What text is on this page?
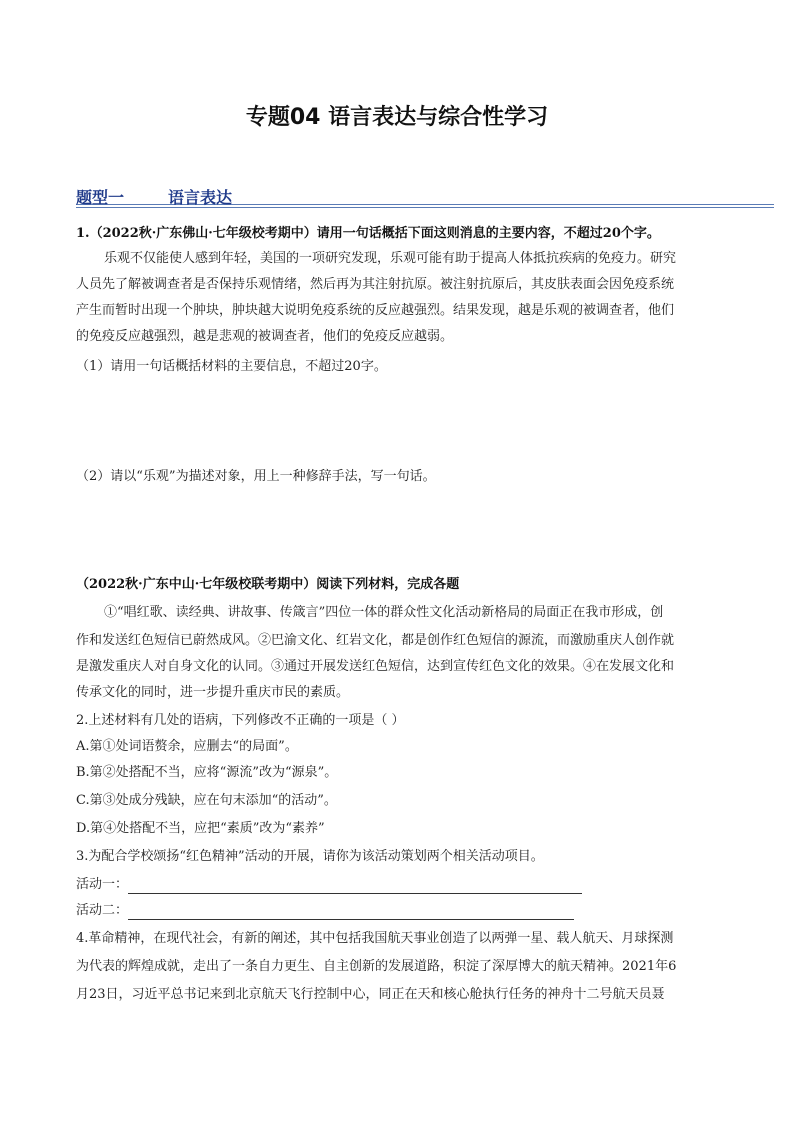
专题04 语言表达与综合性学习
题型一	语言表达
1.（2022秋·广东佛山·七年级校考期中）请用一句话概括下面这则消息的主要内容，不超过20个字。
乐观不仅能使人感到年轻，美国的一项研究发现，乐观可能有助于提高人体抵抗疾病的免疫力。研究
人员先了解被调查者是否保持乐观情绪，然后再为其注射抗原。被注射抗原后，其皮肤表面会因免疫系统
产生而暂时出现一个肿块，肿块越大说明免疫系统的反应越强烈。结果发现，越是乐观的被调查者，他们
的免疫反应越强烈，越是悲观的被调查者，他们的免疫反应越弱。
（1）请用一句话概括材料的主要信息，不超过20字。
（2）请以“乐观”为描述对象，用上一种修辞手法，写一句话。
（2022秋·广东中山·七年级校联考期中）阅读下列材料，完成各题
①“唱红歌、读经典、讲故事、传箴言”四位一体的群众性文化活动新格局的局面正在我市形成，创
作和发送红色短信已蔚然成风。②巴渝文化、红岩文化，都是创作红色短信的源流，而激励重庆人创作就
是激发重庆人对自身文化的认同。③通过开展发送红色短信，达到宣传红色文化的效果。④在发展文化和
传承文化的同时，进一步提升重庆市民的素质。
2.上述材料有几处的语病，下列修改不正确的一项是（ ）
A.第①处词语赘余，应删去“的局面”。
B.第②处搭配不当，应将“源流”改为“源泉”。
C.第③处成分残缺，应在句末添加“的活动”。
D.第④处搭配不当，应把“素质”改为“素养”
3.为配合学校颂扬“红色精神”活动的开展，请你为该活动策划两个相关活动项目。
活动一：
活动二：
4.革命精神，在现代社会，有新的阐述，其中包括我国航天事业创造了以两弹一星、载人航天、月球探测
为代表的辉煌成就，走出了一条自力更生、自主创新的发展道路，积淀了深厚博大的航天精神。2021年6
月23日，习近平总书记来到北京航天飞行控制中心，同正在天和核心舱执行任务的神舟十二号航天员聂
